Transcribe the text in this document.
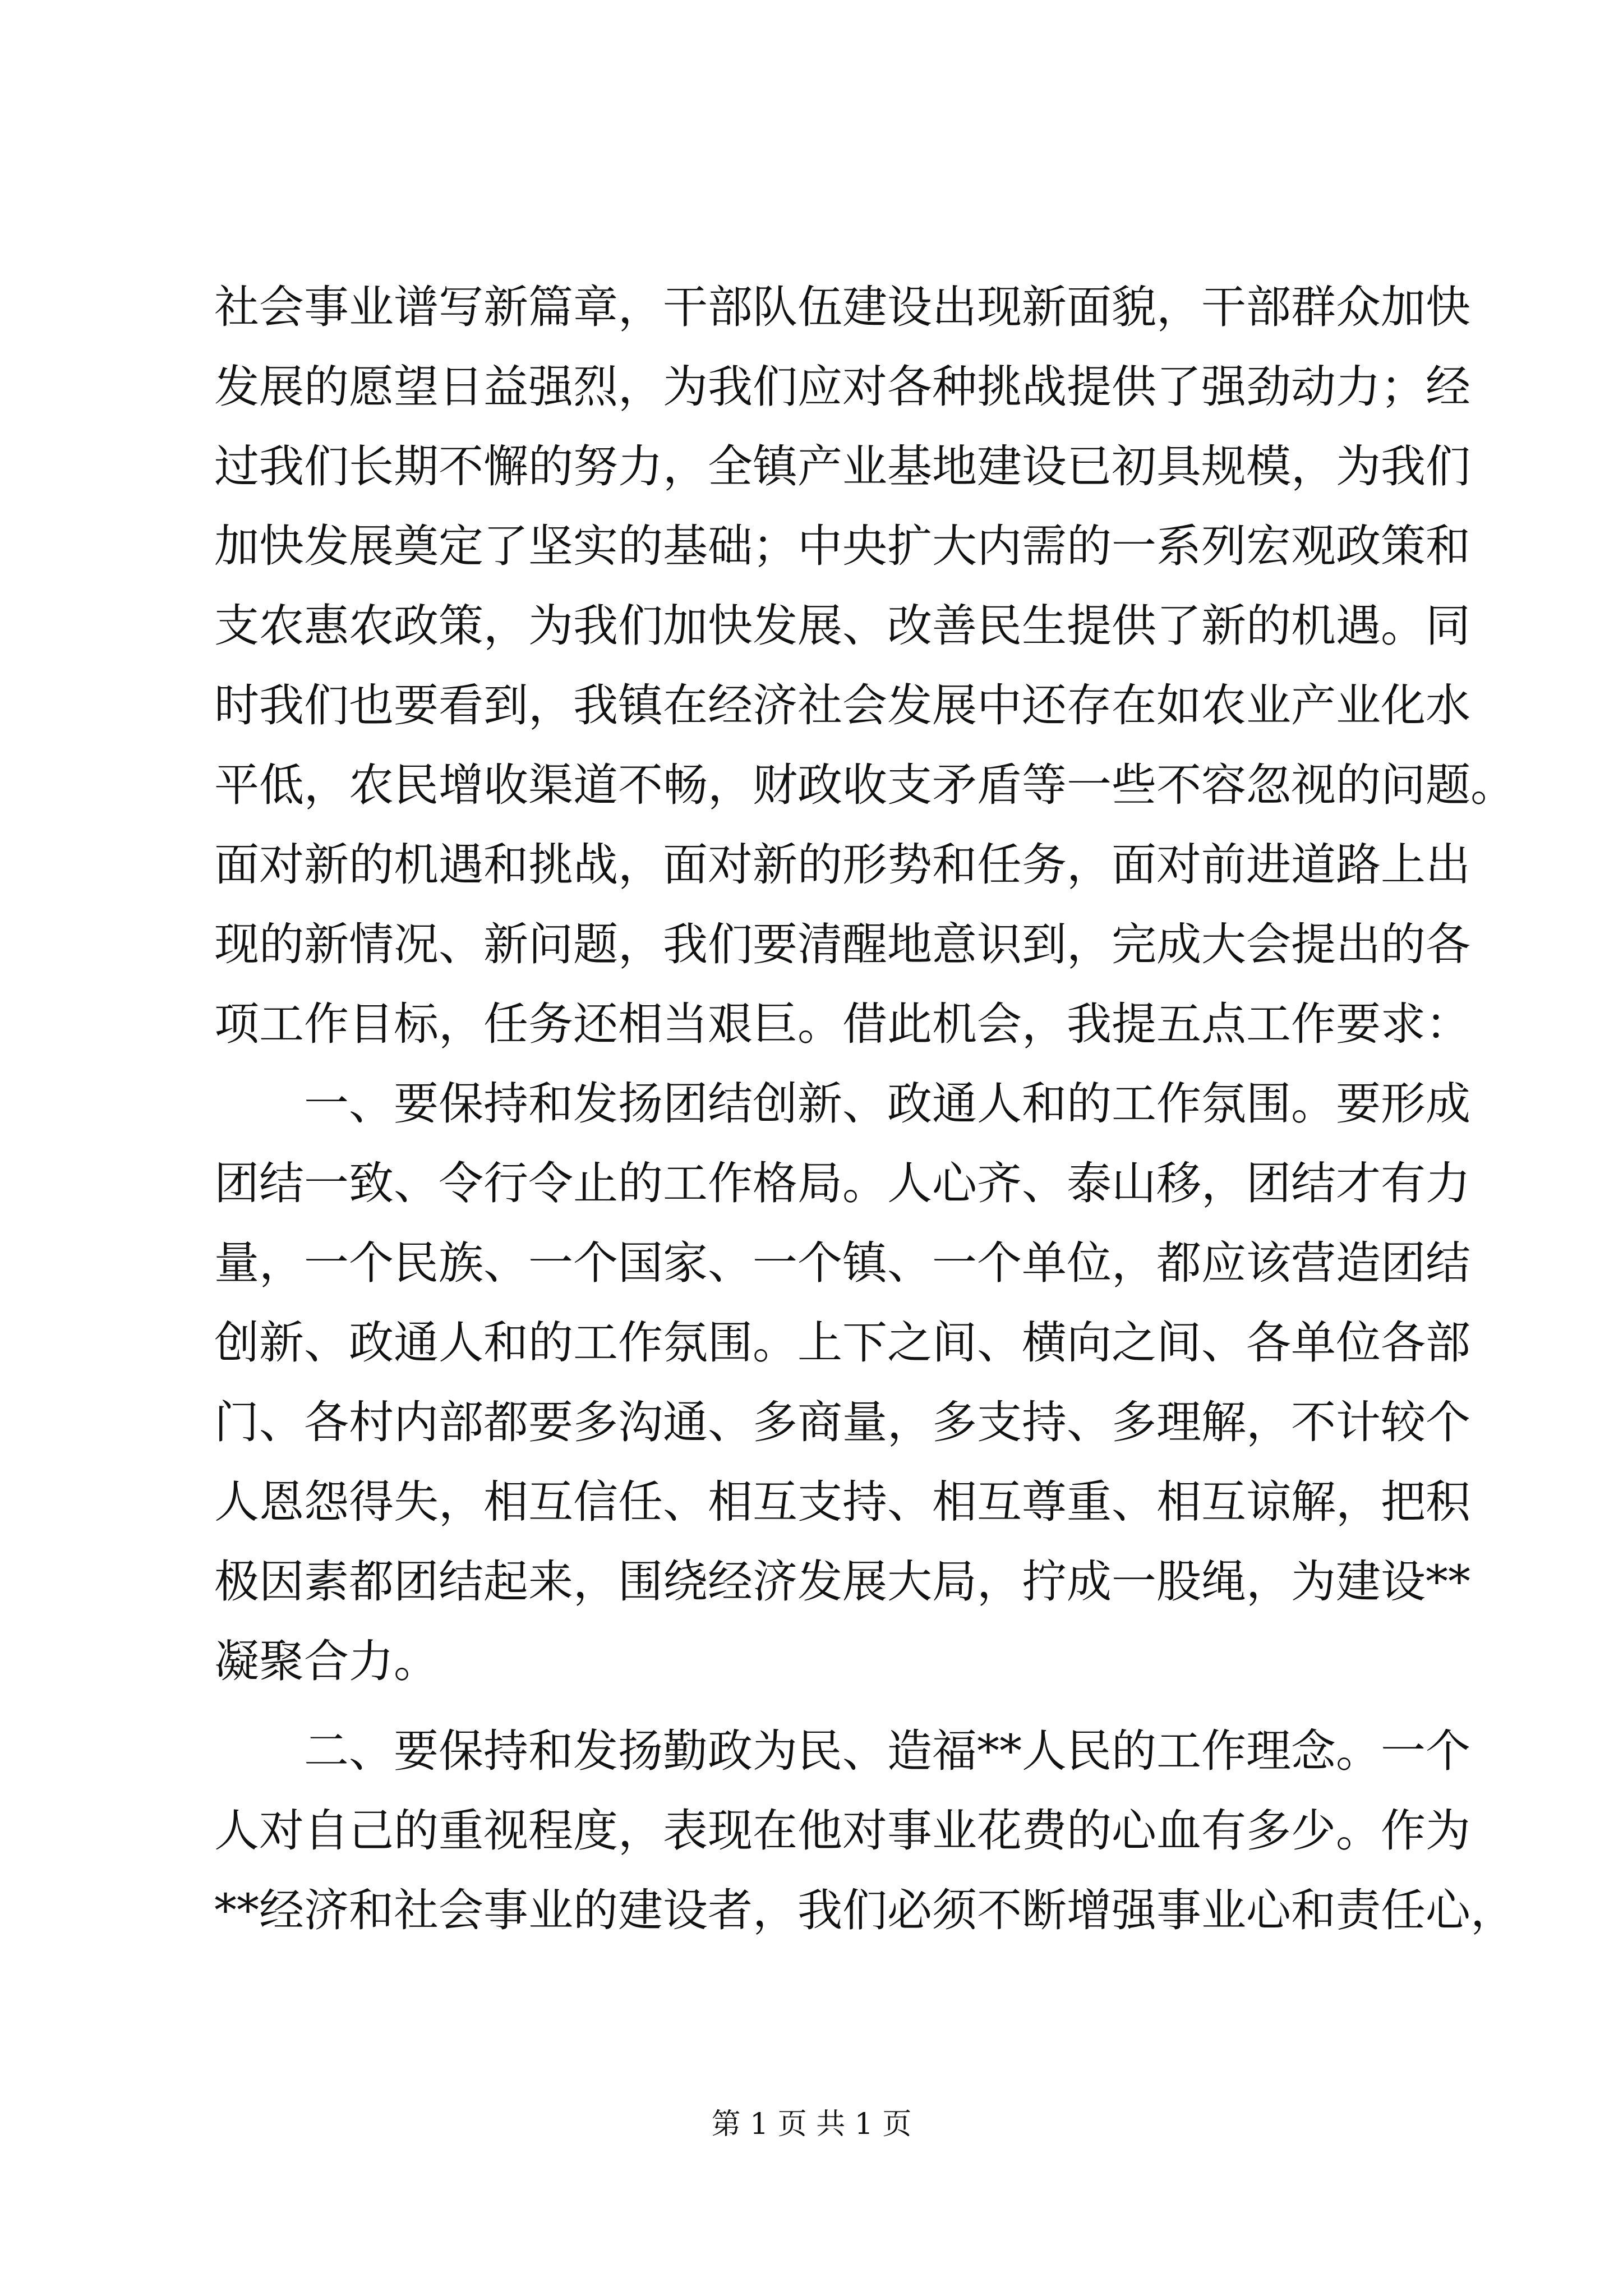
社会事业谱写新篇章，干部队伍建设出现新面貌，干部群众加快
发展的愿望日益强烈，为我们应对各种挑战提供了强劲动力；经
过我们长期不懈的努力，全镇产业基地建设已初具规模，为我们
加快发展奠定了坚实的基础；中央扩大内需的一系列宏观政策和
支农惠农政策，为我们加快发展、改善民生提供了新的机遇。同
时我们也要看到，我镇在经济社会发展中还存在如农业产业化水
平低，农民增收渠道不畅，财政收支矛盾等一些不容忽视的问题。
面对新的机遇和挑战，面对新的形势和任务，面对前进道路上出
现的新情况、新问题，我们要清醒地意识到，完成大会提出的各
项工作目标，任务还相当艰巨。借此机会，我提五点工作要求：
一、要保持和发扬团结创新、政通人和的工作氛围。要形成
团结一致、令行令止的工作格局。人心齐、泰山移，团结才有力
量，一个民族、一个国家、一个镇、一个单位，都应该营造团结
创新、政通人和的工作氛围。上下之间、横向之间、各单位各部
门、各村内部都要多沟通、多商量，多支持、多理解，不计较个
人恩怨得失，相互信任、相互支持、相互尊重、相互谅解，把积
极因素都团结起来，围绕经济发展大局，拧成一股绳，为建设**
凝聚合力。
二、要保持和发扬勤政为民、造福**人民的工作理念。一个
人对自己的重视程度，表现在他对事业花费的心血有多少。作为
**经济和社会事业的建设者，我们必须不断增强事业心和责任心，
第 1 页 共 1 页
